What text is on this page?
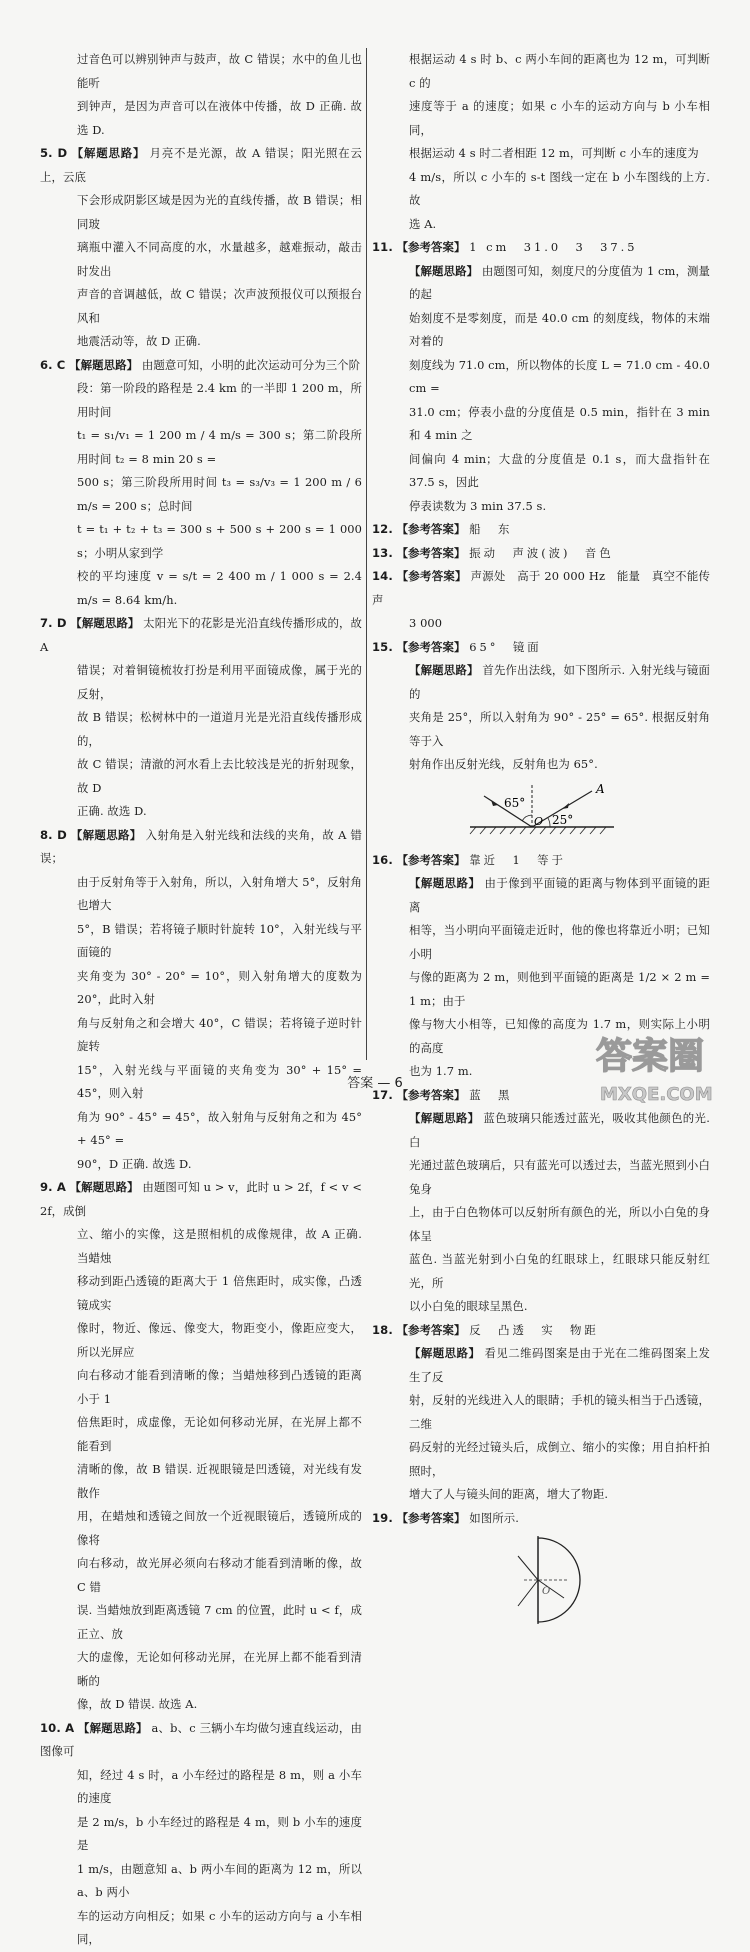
过音色可以辨别钟声与鼓声，故 C 错误；水中的鱼儿也能听

到钟声，是因为声音可以在液体中传播，故 D 正确. 故选 D.

5. D 【解题思路】 月亮不是光源，故 A 错误；阳光照在云上，云底

下会形成阴影区域是因为光的直线传播，故 B 错误；相同玻

璃瓶中灌入不同高度的水，水量越多，越难振动，敲击时发出

声音的音调越低，故 C 错误；次声波预报仪可以预报台风和

地震活动等，故 D 正确.

6. C 【解题思路】 由题意可知，小明的此次运动可分为三个阶

段：第一阶段的路程是 2.4 km 的一半即 1 200 m，所用时间

t₁ = s₁/v₁ = 1 200 m / 4 m/s = 300 s；第二阶段所用时间 t₂ = 8 min 20 s =

500 s；第三阶段所用时间 t₃ = s₃/v₃ = 1 200 m / 6 m/s = 200 s；总时间

t = t₁ + t₂ + t₃ = 300 s + 500 s + 200 s = 1 000 s；小明从家到学

校的平均速度 v = s/t = 2 400 m / 1 000 s = 2.4 m/s = 8.64 km/h.

7. D 【解题思路】 太阳光下的花影是光沿直线传播形成的，故 A

错误；对着铜镜梳妆打扮是利用平面镜成像，属于光的反射，

故 B 错误；松树林中的一道道月光是光沿直线传播形成的，

故 C 错误；清澈的河水看上去比较浅是光的折射现象，故 D

正确. 故选 D.

8. D 【解题思路】 入射角是入射光线和法线的夹角，故 A 错误；

由于反射角等于入射角，所以，入射角增大 5°，反射角也增大

5°，B 错误；若将镜子顺时针旋转 10°，入射光线与平面镜的

夹角变为 30° - 20° = 10°，则入射角增大的度数为 20°，此时入射

角与反射角之和会增大 40°，C 错误；若将镜子逆时针旋转

15°，入射光线与平面镜的夹角变为 30° + 15° = 45°，则入射

角为 90° - 45° = 45°，故入射角与反射角之和为 45° + 45° =

90°，D 正确. 故选 D.

9. A 【解题思路】 由题图可知 u > v，此时 u > 2f，f < v < 2f，成倒

立、缩小的实像，这是照相机的成像规律，故 A 正确. 当蜡烛

移动到距凸透镜的距离大于 1 倍焦距时，成实像，凸透镜成实

像时，物近、像远、像变大，物距变小，像距应变大，所以光屏应

向右移动才能看到清晰的像；当蜡烛移到凸透镜的距离小于 1

倍焦距时，成虚像，无论如何移动光屏，在光屏上都不能看到

清晰的像，故 B 错误. 近视眼镜是凹透镜，对光线有发散作

用，在蜡烛和透镜之间放一个近视眼镜后，透镜所成的像将

向右移动，故光屏必须向右移动才能看到清晰的像，故 C 错

误. 当蜡烛放到距离透镜 7 cm 的位置，此时 u < f，成正立、放

大的虚像，无论如何移动光屏，在光屏上都不能看到清晰的

像，故 D 错误. 故选 A.

10. A 【解题思路】 a、b、c 三辆小车均做匀速直线运动，由图像可

知，经过 4 s 时，a 小车经过的路程是 8 m，则 a 小车的速度

是 2 m/s，b 小车经过的路程是 4 m，则 b 小车的速度是

1 m/s，由题意知 a、b 两小车间的距离为 12 m，所以 a、b 两小

车的运动方向相反；如果 c 小车的运动方向与 a 小车相同，

根据运动 4 s 时 b、c 两小车间的距离也为 12 m，可判断 c 的

速度等于 a 的速度；如果 c 小车的运动方向与 b 小车相同，

根据运动 4 s 时二者相距 12 m，可判断 c 小车的速度为

4 m/s，所以 c 小车的 s-t 图线一定在 b 小车图线的上方. 故

选 A.

11. 【参考答案】 1 cm　31.0　3　37.5

【解题思路】 由题图可知，刻度尺的分度值为 1 cm，测量的起

始刻度不是零刻度，而是 40.0 cm 的刻度线，物体的末端对着的

刻度线为 71.0 cm，所以物体的长度 L = 71.0 cm - 40.0 cm =

31.0 cm；停表小盘的分度值是 0.5 min，指针在 3 min 和 4 min 之

间偏向 4 min；大盘的分度值是 0.1 s，而大盘指针在 37.5 s，因此

停表读数为 3 min 37.5 s.

12. 【参考答案】 船　东

13. 【参考答案】 振动　声波(波)　音色

14. 【参考答案】 声源处　高于 20 000 Hz　能量　真空不能传声

3 000

15. 【参考答案】 65°　镜面

【解题思路】 首先作出法线，如下图所示. 入射光线与镜面的

夹角是 25°，所以入射角为 90° - 25° = 65°. 根据反射角等于入

射角作出反射光线，反射角也为 65°.

65°
25°
A
O

16. 【参考答案】 靠近　1　等于

【解题思路】 由于像到平面镜的距离与物体到平面镜的距离

相等，当小明向平面镜走近时，他的像也将靠近小明；已知小明

与像的距离为 2 m，则他到平面镜的距离是 1/2 × 2 m = 1 m；由于

像与物大小相等，已知像的高度为 1.7 m，则实际上小明的高度

也为 1.7 m.

17. 【参考答案】 蓝　黑

【解题思路】 蓝色玻璃只能透过蓝光，吸收其他颜色的光. 白

光通过蓝色玻璃后，只有蓝光可以透过去，当蓝光照到小白兔身

上，由于白色物体可以反射所有颜色的光，所以小白兔的身体呈

蓝色. 当蓝光射到小白兔的红眼球上，红眼球只能反射红光，所

以小白兔的眼球呈黑色.

18. 【参考答案】 反　凸透　实　物距

【解题思路】 看见二维码图案是由于光在二维码图案上发生了反

射，反射的光线进入人的眼睛；手机的镜头相当于凸透镜，二维

码反射的光经过镜头后，成倒立、缩小的实像；用自拍杆拍照时，

增大了人与镜头间的距离，增大了物距.

19. 【参考答案】 如图所示.

O
答案 — 6
答案圈
MXQE.COM
